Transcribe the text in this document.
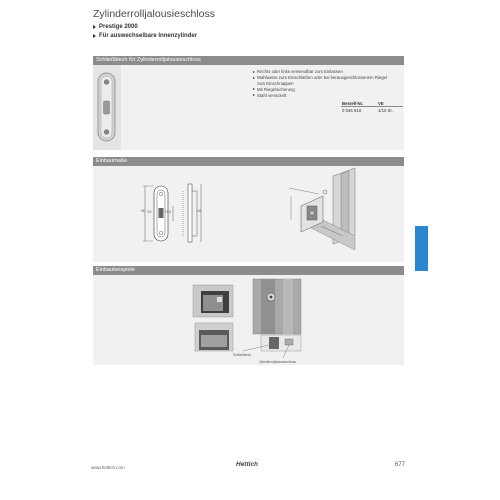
Zylinderrolljalousieschloss
Prestige 2000
Für auswechselbare Innenzylinder
Schließblech für Zylinderrolljalousieschloss
Rechts oder links verwendbar zum Einlassen
Wahlweise zum Einschließen oder bei herausgeschlossenem Riegel
zum Einschnappen
Mit Riegelsicherung
Stahl vernickelt
Bestell-Nr.	VE
0 046 810	1/10 St.
Einbaumaße
96 3,5	19,5	102
Einbaubeispiele
Schließblech
Zylinderrolljalousieschloss
www.hettich.com	Hettich	677
